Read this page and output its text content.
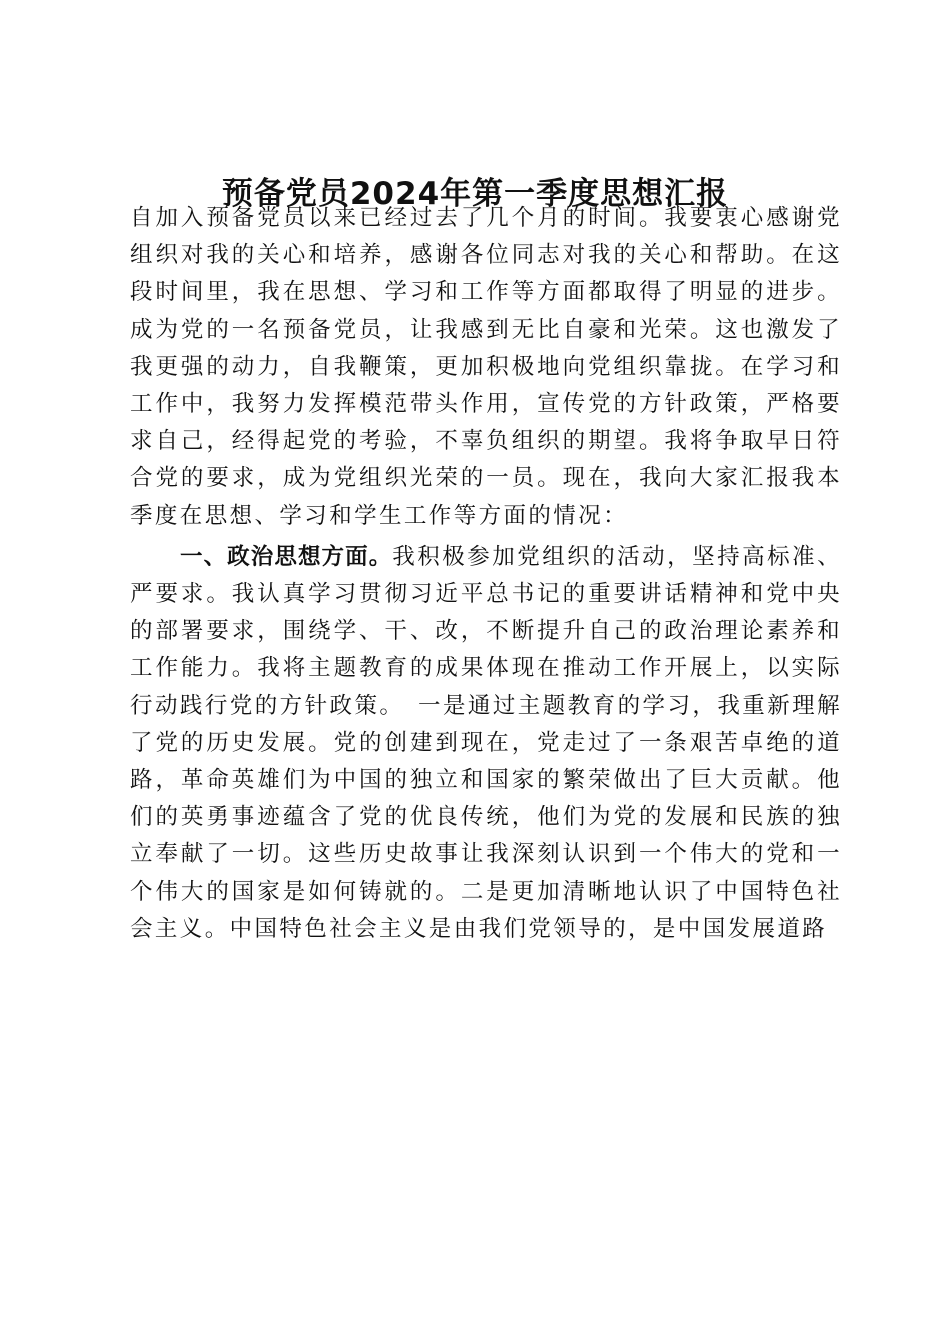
预备党员2024年第一季度思想汇报

自加入预备党员以来已经过去了几个月的时间。我要衷心感谢党组织对我的关心和培养，感谢各位同志对我的关心和帮助。在这段时间里，我在思想、学习和工作等方面都取得了明显的进步。成为党的一名预备党员，让我感到无比自豪和光荣。这也激发了我更强的动力，自我鞭策，更加积极地向党组织靠拢。在学习和工作中，我努力发挥模范带头作用，宣传党的方针政策，严格要求自己，经得起党的考验，不辜负组织的期望。我将争取早日符合党的要求，成为党组织光荣的一员。现在，我向大家汇报我本季度在思想、学习和学生工作等方面的情况：

一、政治思想方面。我积极参加党组织的活动，坚持高标准、严要求。我认真学习贯彻习近平总书记的重要讲话精神和党中央的部署要求，围绕学、干、改，不断提升自己的政治理论素养和工作能力。我将主题教育的成果体现在推动工作开展上，以实际行动践行党的方针政策。　一是通过主题教育的学习，我重新理解了党的历史发展。党的创建到现在，党走过了一条艰苦卓绝的道路，革命英雄们为中国的独立和国家的繁荣做出了巨大贡献。他们的英勇事迹蕴含了党的优良传统，他们为党的发展和民族的独立奉献了一切。这些历史故事让我深刻认识到一个伟大的党和一个伟大的国家是如何铸就的。二是更加清晰地认识了中国特色社会主义。中国特色社会主义是由我们党领导的，是中国发展道路
